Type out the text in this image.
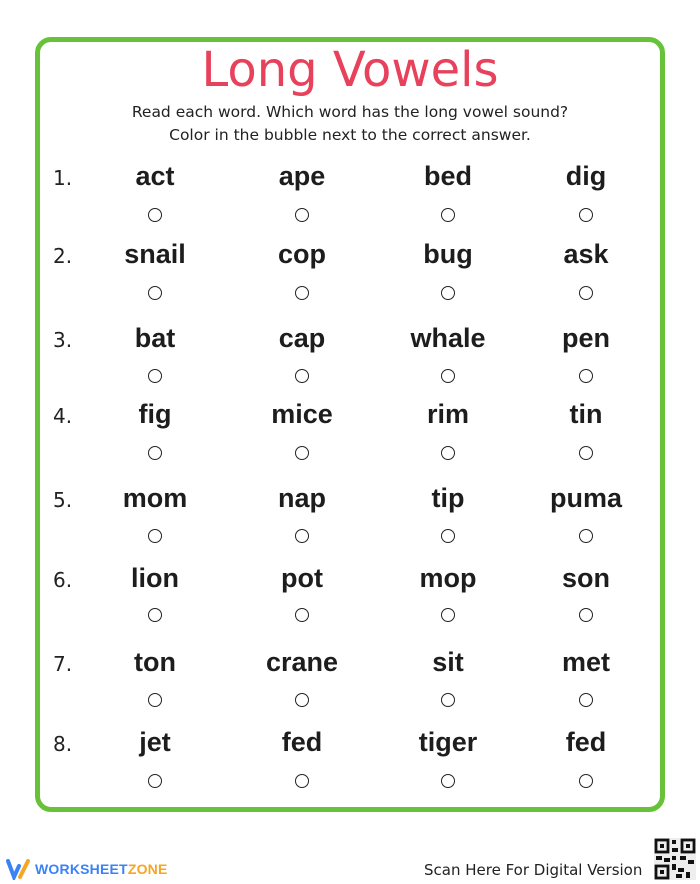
Long Vowels
Read each word. Which word has the long vowel sound?
Color in the bubble next to the correct answer.
1.	act	ape	bed	dig
2.	snail	cop	bug	ask
3.	bat	cap	whale	pen
4.	fig	mice	rim	tin
5.	mom	nap	tip	puma
6.	lion	pot	mop	son
7.	ton	crane	sit	met
8.	jet	fed	tiger	fed
WORKSHEET ZONE	Scan Here For Digital Version
